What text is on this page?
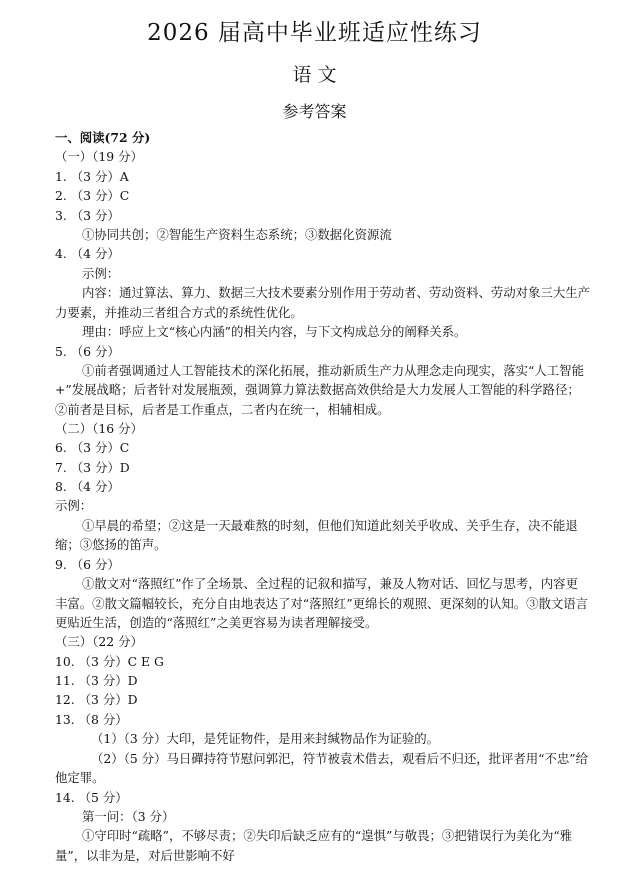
2026 届高中毕业班适应性练习
语 文
参考答案
一、阅读(72 分)
（一）（19 分）
1. （3 分）A
2. （3 分）C
3. （3 分）
①协同共创；②智能生产资料生态系统；③数据化资源流
4. （4 分）
示例：

内容：通过算法、算力、数据三大技术要素分别作用于劳动者、劳动资料、劳动对象三大生产力要素，并推动三者组合方式的系统性优化。

理由：呼应上文“核心内涵”的相关内容，与下文构成总分的阐释关系。
5. （6 分）

①前者强调通过人工智能技术的深化拓展，推动新质生产力从理念走向现实，落实“人工智能+”发展战略；后者针对发展瓶颈，强调算力算法数据高效供给是大力发展人工智能的科学路径；②前者是目标，后者是工作重点，二者内在统一，相辅相成。

（二）（16 分）
6. （3 分）C
7. （3 分）D
8. （4 分）
示例：

①早晨的希望；②这是一天最难熬的时刻，但他们知道此刻关乎收成、关乎生存，决不能退缩；③悠扬的笛声。

9. （6 分）

①散文对“落照红”作了全场景、全过程的记叙和描写，兼及人物对话、回忆与思考，内容更丰富。②散文篇幅较长，充分自由地表达了对“落照红”更绵长的观照、更深刻的认知。③散文语言更贴近生活，创造的“落照红”之美更容易为读者理解接受。

（三）（22 分）
10. （3 分）C E G
11. （3 分）D
12. （3 分）D
13. （8 分）
（1）（3 分）大印，是凭证物件，是用来封缄物品作为证验的。

（2）（5 分）马日磾持符节慰问郭汜，符节被袁术借去，观看后不归还，批评者用“不忠”给他定罪。

14. （5 分）
第一问：（3 分）

①守印时“疏略”，不够尽责；②失印后缺乏应有的“遑惧”与敬畏；③把错误行为美化为“雅量”，以非为是，对后世影响不好
